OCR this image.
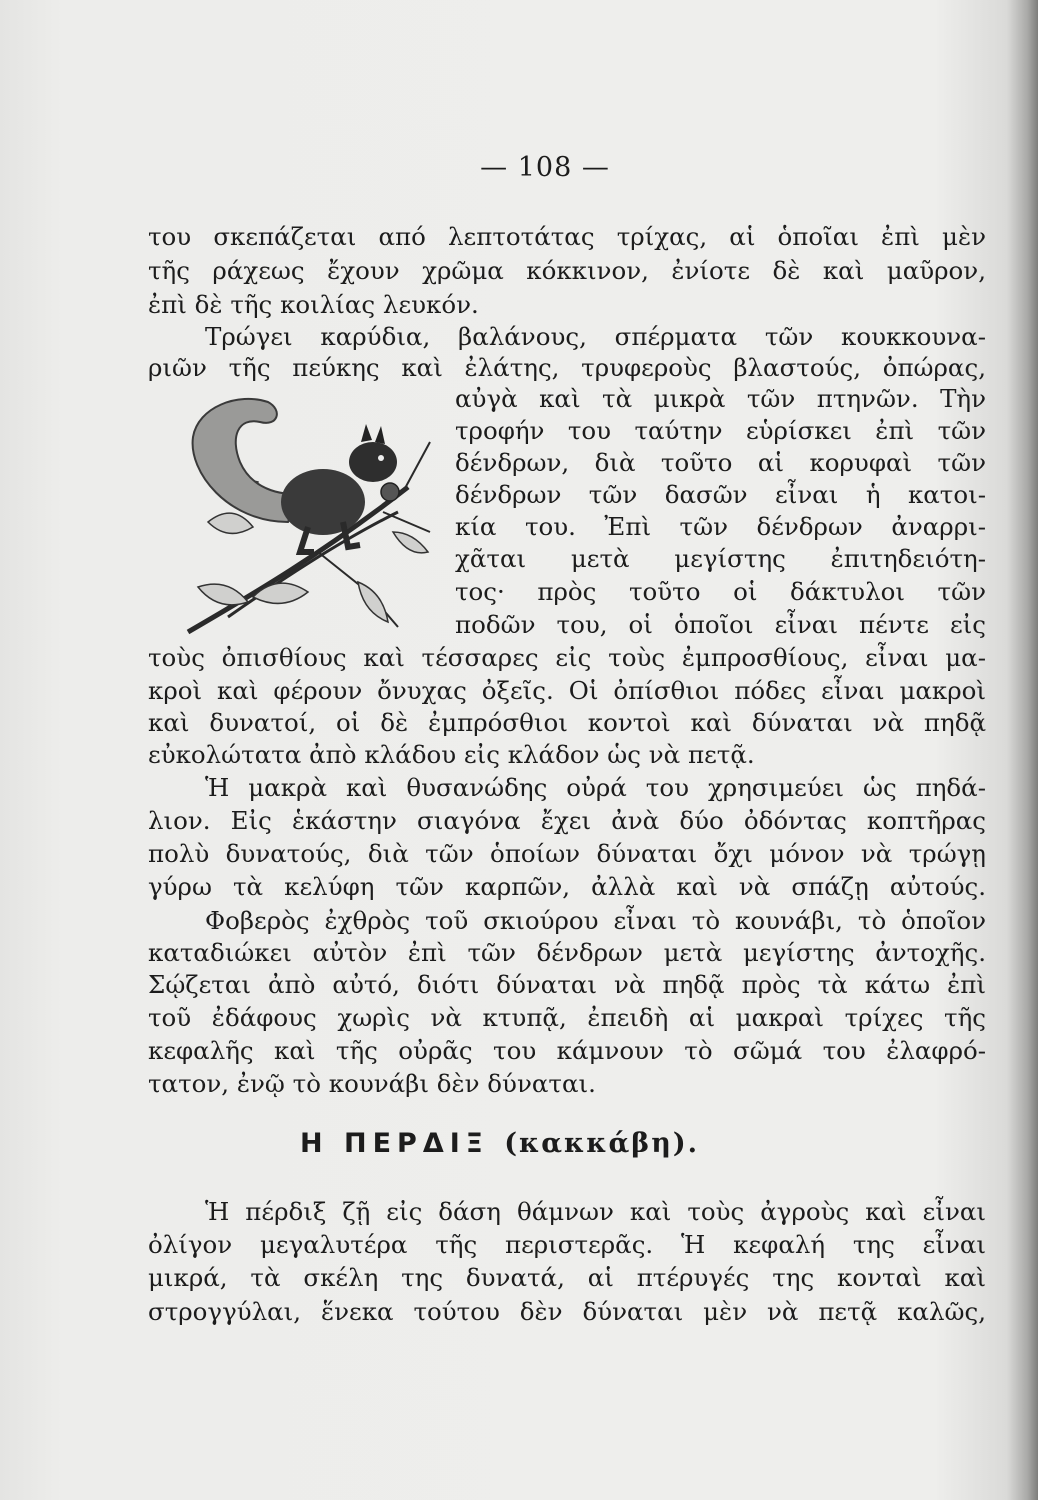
— 108 —
του σκεπάζεται από λεπτοτάτας τρίχας, αἱ ὁποῖαι ἐπὶ μὲν
τῆς ράχεως ἔχουν χρῶμα κόκκινον, ἐνίοτε δὲ καὶ μαῦρον,
ἐπὶ δὲ τῆς κοιλίας λευκόν.
Τρώγει καρύδια, βαλάνους, σπέρματα τῶν κουκκουνα-
ριῶν τῆς πεύκης καὶ ἐλάτης, τρυφεροὺς βλαστούς, ὀπώρας,
αὐγὰ καὶ τὰ μικρὰ τῶν πτηνῶν. Τὴν
τροφήν του ταύτην εὑρίσκει ἐπὶ τῶν
δένδρων, διὰ τοῦτο αἱ κορυφαὶ τῶν
δένδρων τῶν δασῶν εἶναι ἡ κατοι-
κία του. Ἐπὶ τῶν δένδρων ἀναρρι-
χᾶται μετὰ μεγίστης ἐπιτηδειότη-
τος· πρὸς τοῦτο οἱ δάκτυλοι τῶν
ποδῶν του, οἱ ὁποῖοι εἶναι πέντε εἰς
τοὺς ὀπισθίους καὶ τέσσαρες εἰς τοὺς ἐμπροσθίους, εἶναι μα-
κροὶ καὶ φέρουν ὄνυχας ὀξεῖς. Οἱ ὀπίσθιοι πόδες εἶναι μακροὶ
καὶ δυνατοί, οἱ δὲ ἐμπρόσθιοι κοντοὶ καὶ δύναται νὰ πηδᾷ
εὐκολώτατα ἀπὸ κλάδου εἰς κλάδον ὡς νὰ πετᾷ.
Ἡ μακρὰ καὶ θυσανώδης οὐρά του χρησιμεύει ὡς πηδά-
λιον. Εἰς ἑκάστην σιαγόνα ἔχει ἀνὰ δύο ὀδόντας κοπτῆρας
πολὺ δυνατούς, διὰ τῶν ὁποίων δύναται ὄχι μόνον νὰ τρώγῃ
γύρω τὰ κελύφη τῶν καρπῶν, ἀλλὰ καὶ νὰ σπάζῃ αὐτούς.
Φοβερὸς ἐχθρὸς τοῦ σκιούρου εἶναι τὸ κουνάβι, τὸ ὁποῖον
καταδιώκει αὐτὸν ἐπὶ τῶν δένδρων μετὰ μεγίστης ἀντοχῆς.
Σῴζεται ἀπὸ αὐτό, διότι δύναται νὰ πηδᾷ πρὸς τὰ κάτω ἐπὶ
τοῦ ἐδάφους χωρὶς νὰ κτυπᾷ, ἐπειδὴ αἱ μακραὶ τρίχες τῆς
κεφαλῆς καὶ τῆς οὐρᾶς του κάμνουν τὸ σῶμά του ἐλαφρό-
τατον, ἐνῷ τὸ κουνάβι δὲν δύναται.
Η ΠΕΡΔΙΞ (κακκάβη).
Ἡ πέρδιξ ζῇ εἰς δάση θάμνων καὶ τοὺς ἀγροὺς καὶ εἶναι
ὀλίγον μεγαλυτέρα τῆς περιστερᾶς. Ἡ κεφαλή της εἶναι
μικρά, τὰ σκέλη της δυνατά, αἱ πτέρυγές της κονταὶ καὶ
στρογγύλαι, ἕνεκα τούτου δὲν δύναται μὲν νὰ πετᾷ καλῶς,
